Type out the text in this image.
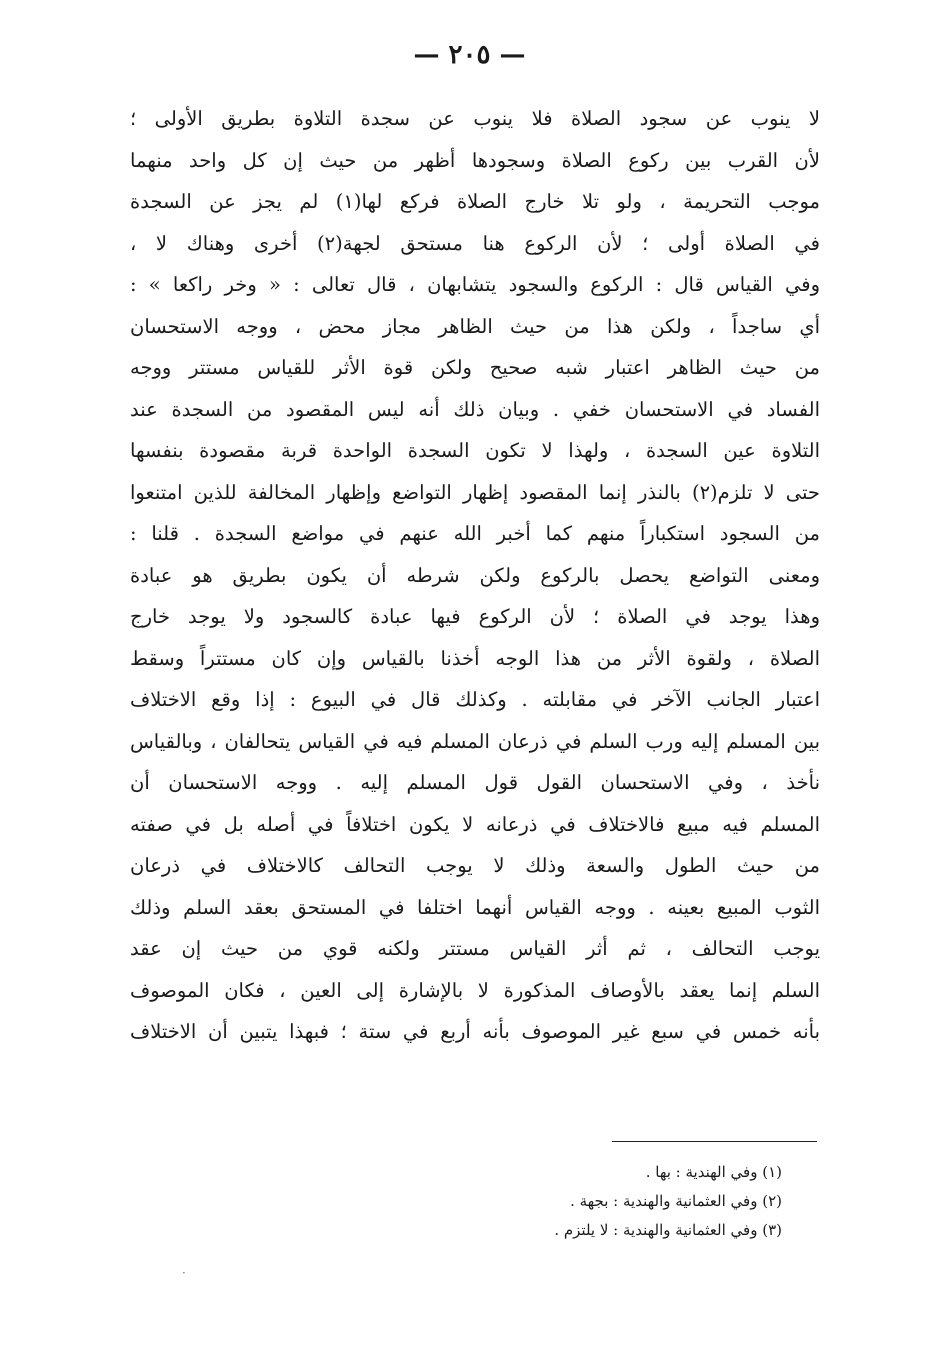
— ٢٠٥ —
لا ينوب عن سجود الصلاة فلا ينوب عن سجدة التلاوة بطريق الأولى ؛
لأن القرب بين ركوع الصلاة وسجودها أظهر من حيث إن كل واحد منهما
موجب التحريمة ، ولو تلا خارج الصلاة فركع لها(١) لم يجز عن السجدة
في الصلاة أولى ؛ لأن الركوع هنا مستحق لجهة(٢) أخرى وهناك لا ،
وفي القياس قال : الركوع والسجود يتشابهان ، قال تعالى : « وخر راكعا » :
أي ساجداً ، ولكن هذا من حيث الظاهر مجاز محض ، ووجه الاستحسان
من حيث الظاهر اعتبار شبه صحيح ولكن قوة الأثر للقياس مستتر ووجه
الفساد في الاستحسان خفي . وبيان ذلك أنه ليس المقصود من السجدة عند
التلاوة عين السجدة ، ولهذا لا تكون السجدة الواحدة قربة مقصودة بنفسها
حتى لا تلزم(٢) بالنذر إنما المقصود إظهار التواضع وإظهار المخالفة للذين امتنعوا
من السجود استكباراً منهم كما أخبر الله عنهم في مواضع السجدة . قلنا :
ومعنى التواضع يحصل بالركوع ولكن شرطه أن يكون بطريق هو عبادة
وهذا يوجد في الصلاة ؛ لأن الركوع فيها عبادة كالسجود ولا يوجد خارج
الصلاة ، ولقوة الأثر من هذا الوجه أخذنا بالقياس وإن كان مستتراً وسقط
اعتبار الجانب الآخر في مقابلته . وكذلك قال في البيوع : إذا وقع الاختلاف
بين المسلم إليه ورب السلم في ذرعان المسلم فيه في القياس يتحالفان ، وبالقياس
نأخذ ، وفي الاستحسان القول قول المسلم إليه . ووجه الاستحسان أن
المسلم فيه مبيع فالاختلاف في ذرعانه لا يكون اختلافاً في أصله بل في صفته
من حيث الطول والسعة وذلك لا يوجب التحالف كالاختلاف في ذرعان
الثوب المبيع بعينه . ووجه القياس أنهما اختلفا في المستحق بعقد السلم وذلك
يوجب التحالف ، ثم أثر القياس مستتر ولكنه قوي من حيث إن عقد
السلم إنما يعقد بالأوصاف المذكورة لا بالإشارة إلى العين ، فكان الموصوف
بأنه خمس في سبع غير الموصوف بأنه أربع في ستة ؛ فبهذا يتبين أن الاختلاف
(١) وفي الهندية : بها .
(٢) وفي العثمانية والهندية : بجهة .
(٣) وفي العثمانية والهندية : لا يلتزم .
·
